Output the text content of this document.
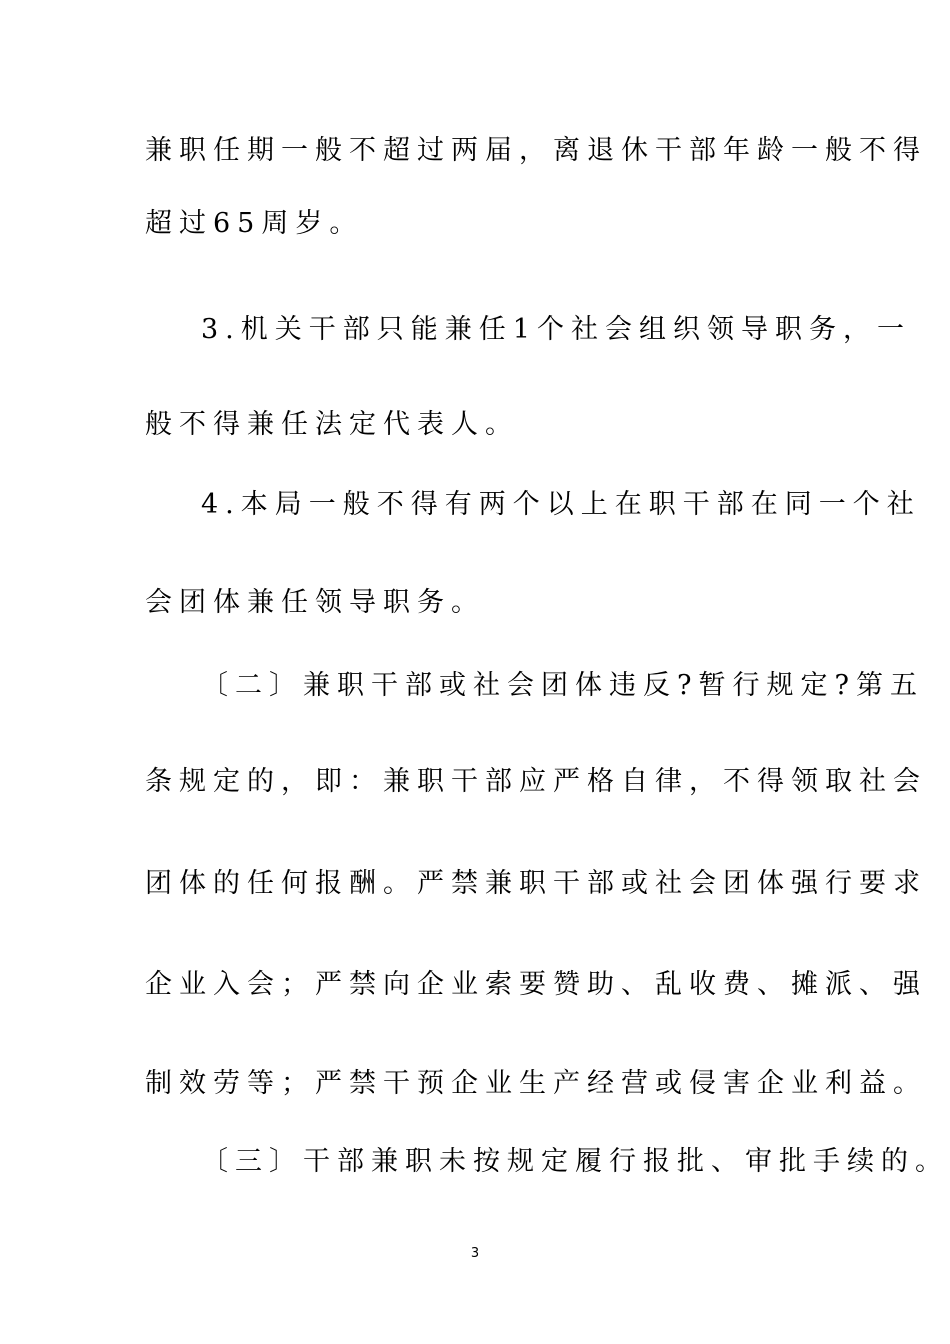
兼职任期一般不超过两届，离退休干部年龄一般不得
超过65周岁。
3.机关干部只能兼任1个社会组织领导职务，一
般不得兼任法定代表人。
4.本局一般不得有两个以上在职干部在同一个社
会团体兼任领导职务。
〔二〕兼职干部或社会团体违反?暂行规定?第五
条规定的，即：兼职干部应严格自律，不得领取社会
团体的任何报酬。严禁兼职干部或社会团体强行要求
企业入会；严禁向企业索要赞助、乱收费、摊派、强
制效劳等；严禁干预企业生产经营或侵害企业利益。
〔三〕干部兼职未按规定履行报批、审批手续的。
3
